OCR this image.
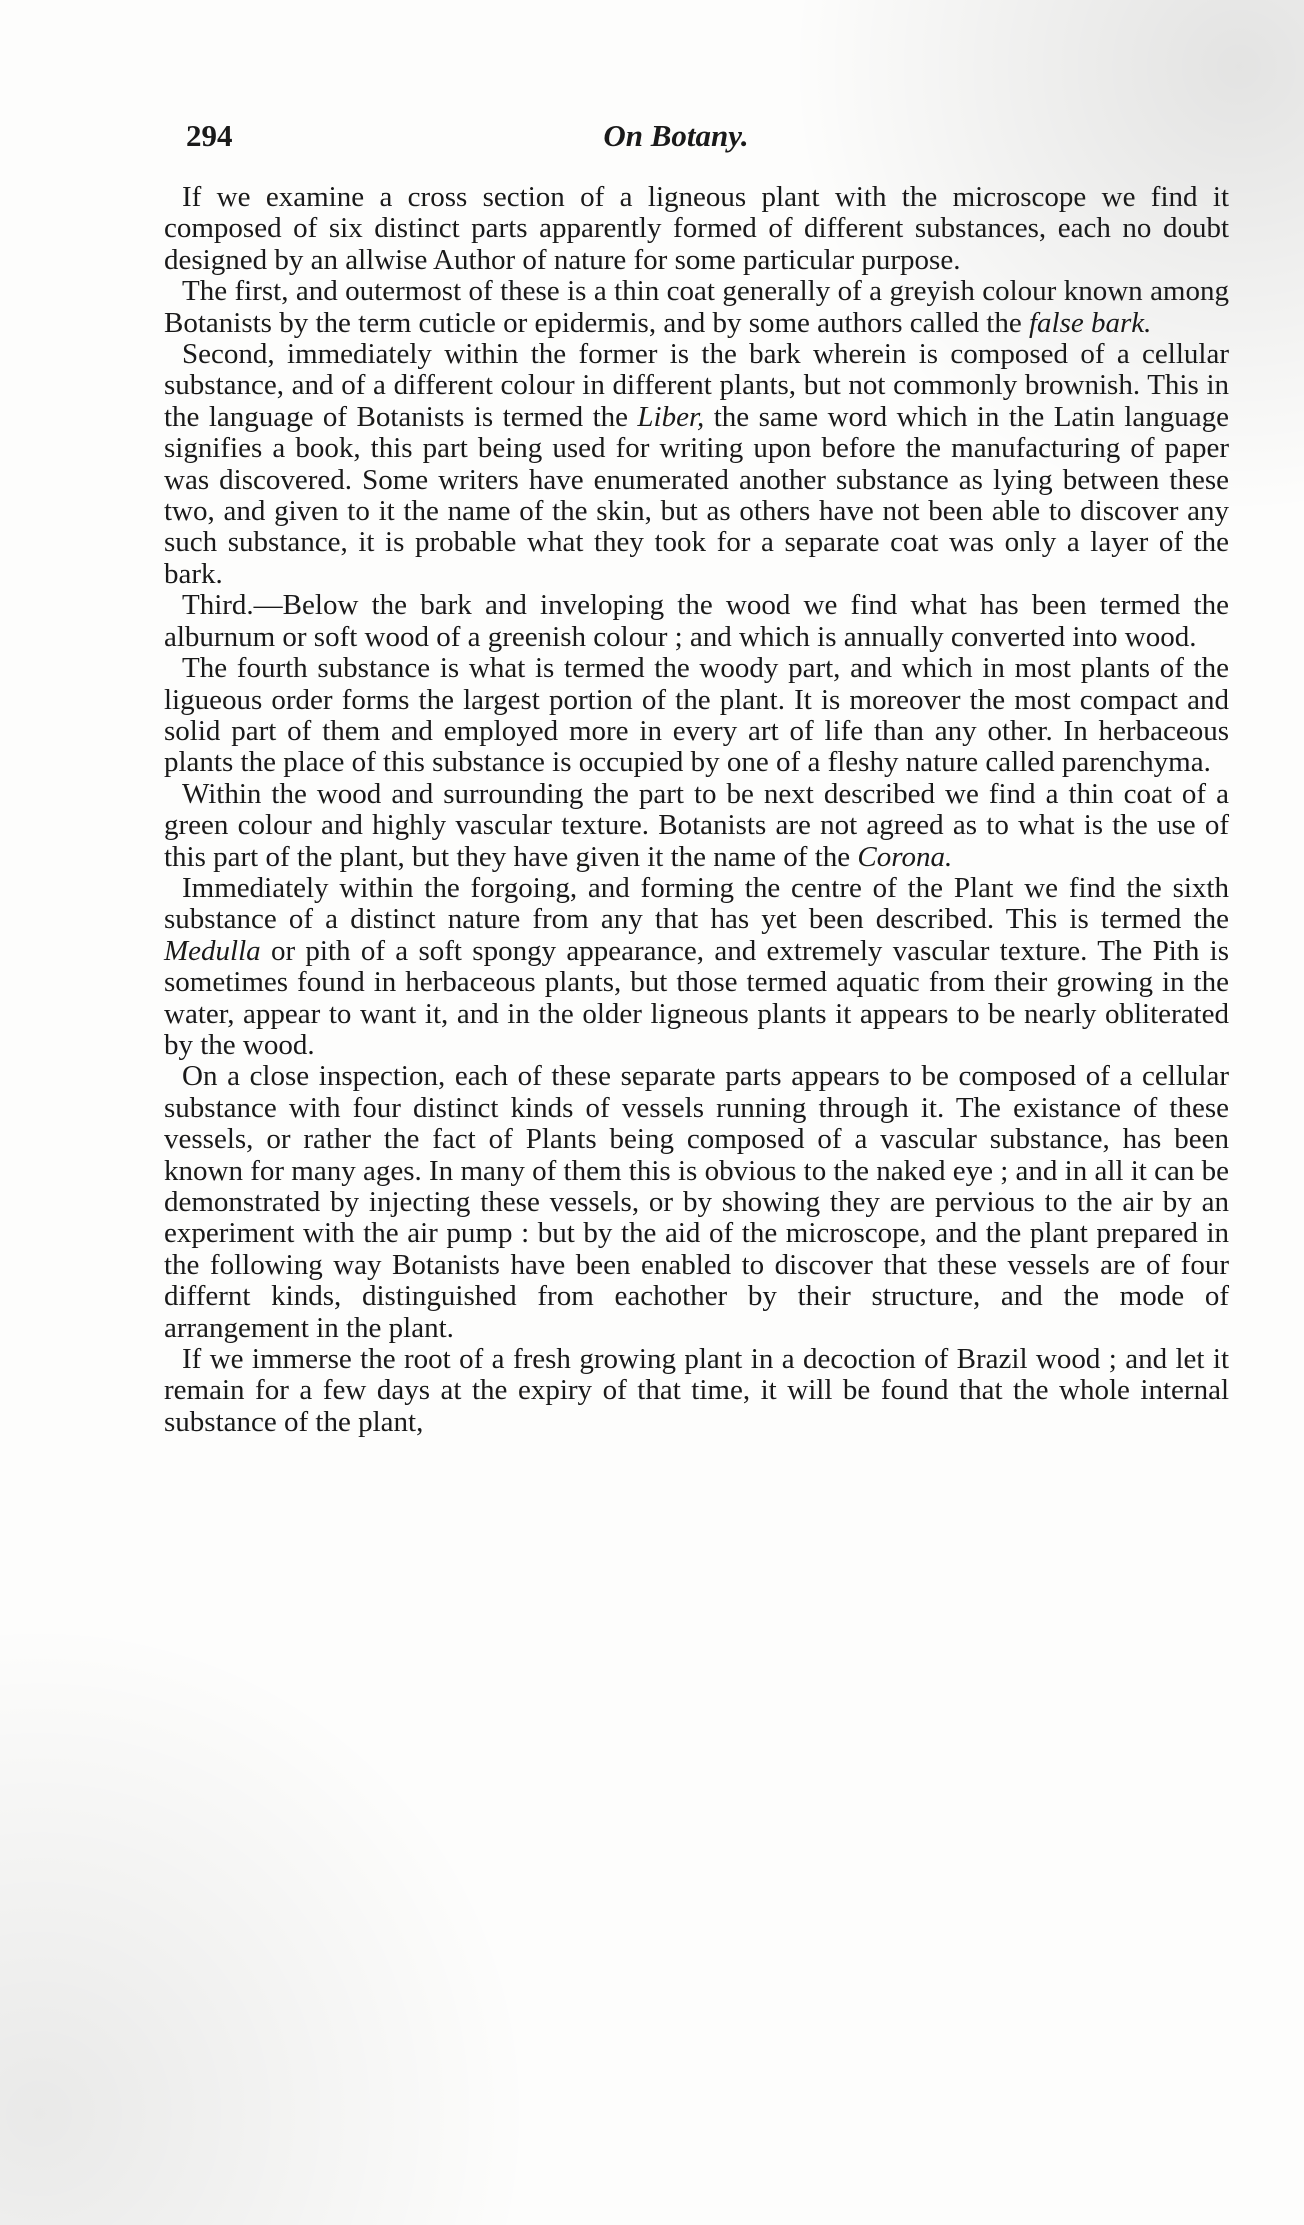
294	On Botany.

If we examine a cross section of a ligneous plant with the microscope we find it composed of six distinct parts apparently formed of different substances, each no doubt designed by an allwise Author of nature for some particular purpose.

The first, and outermost of these is a thin coat generally of a greyish colour known among Botanists by the term cuticle or epidermis, and by some authors called the false bark.

Second, immediately within the former is the bark wherein is composed of a cellular substance, and of a different colour in different plants, but not commonly brownish. This in the language of Botanists is termed the Liber, the same word which in the Latin language signifies a book, this part being used for writing upon before the manufacturing of paper was discovered. Some writers have enumerated another substance as lying between these two, and given to it the name of the skin, but as others have not been able to discover any such substance, it is probable what they took for a separate coat was only a layer of the bark.

Third.—Below the bark and inveloping the wood we find what has been termed the alburnum or soft wood of a greenish colour ; and which is annually converted into wood.

The fourth substance is what is termed the woody part, and which in most plants of the ligueous order forms the largest portion of the plant. It is moreover the most compact and solid part of them and employed more in every art of life than any other. In herbaceous plants the place of this substance is occupied by one of a fleshy nature called parenchyma.

Within the wood and surrounding the part to be next described we find a thin coat of a green colour and highly vascular texture. Botanists are not agreed as to what is the use of this part of the plant, but they have given it the name of the Corona.

Immediately within the forgoing, and forming the centre of the Plant we find the sixth substance of a distinct nature from any that has yet been described. This is termed the Medulla or pith of a soft spongy appearance, and extremely vascular texture. The Pith is sometimes found in herbaceous plants, but those termed aquatic from their growing in the water, appear to want it, and in the older ligneous plants it appears to be nearly obliterated by the wood.

On a close inspection, each of these separate parts appears to be composed of a cellular substance with four distinct kinds of vessels running through it. The existance of these vessels, or rather the fact of Plants being composed of a vascular substance, has been known for many ages. In many of them this is obvious to the naked eye ; and in all it can be demonstrated by injecting these vessels, or by showing they are pervious to the air by an experiment with the air pump : but by the aid of the microscope, and the plant prepared in the following way Botanists have been enabled to discover that these vessels are of four differnt kinds, distinguished from eachother by their structure, and the mode of arrangement in the plant.

If we immerse the root of a fresh growing plant in a decoction of Brazil wood ; and let it remain for a few days at the expiry of that time, it will be found that the whole internal substance of the plant,
